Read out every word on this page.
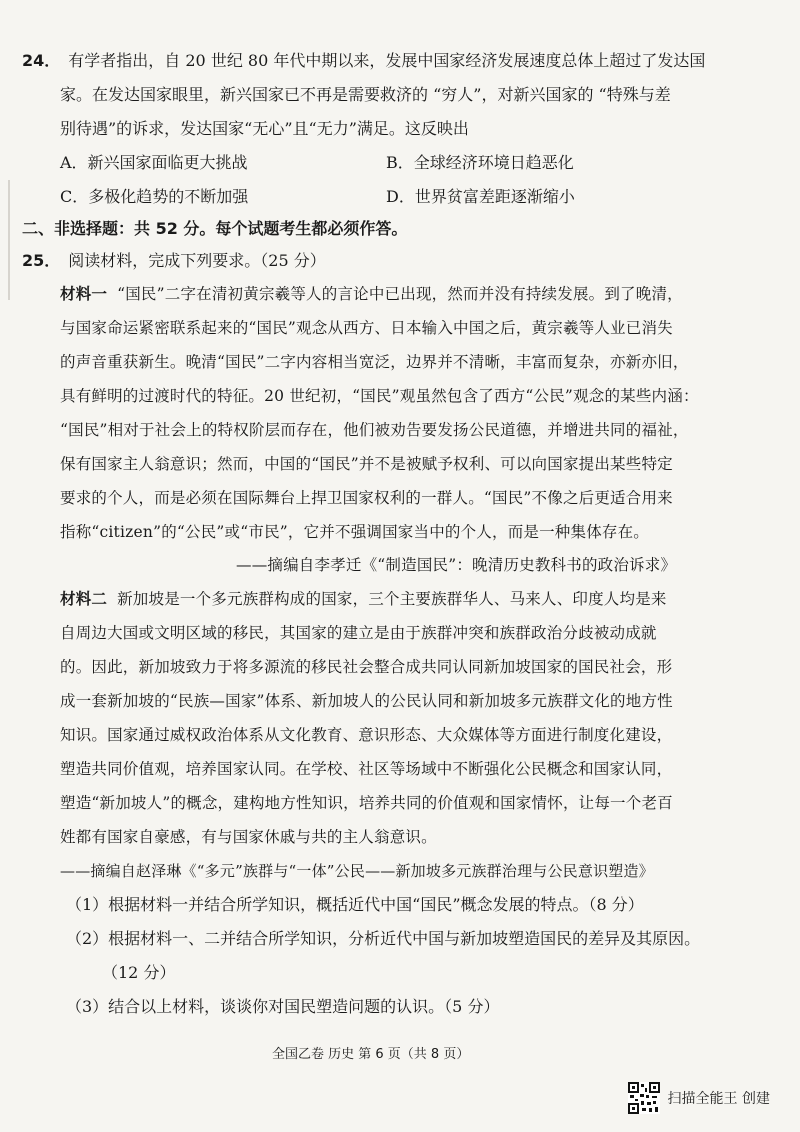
24． 有学者指出，自 20 世纪 80 年代中期以来，发展中国家经济发展速度总体上超过了发达国
家。在发达国家眼里，新兴国家已不再是需要救济的 “穷人”，对新兴国家的 “特殊与差
别待遇”的诉求，发达国家“无心”且“无力”满足。这反映出
A．新兴国家面临更大挑战	B．全球经济环境日趋恶化
C．多极化趋势的不断加强	D．世界贫富差距逐渐缩小
二、非选择题：共 52 分。每个试题考生都必须作答。
25． 阅读材料，完成下列要求。（25 分）
材料一 “国民”二字在清初黄宗羲等人的言论中已出现，然而并没有持续发展。到了晚清，
与国家命运紧密联系起来的“国民”观念从西方、日本输入中国之后，黄宗羲等人业已消失
的声音重获新生。晚清“国民”二字内容相当宽泛，边界并不清晰，丰富而复杂，亦新亦旧，
具有鲜明的过渡时代的特征。20 世纪初，“国民”观虽然包含了西方“公民”观念的某些内涵：
“国民”相对于社会上的特权阶层而存在，他们被劝告要发扬公民道德，并增进共同的福祉，
保有国家主人翁意识；然而，中国的“国民”并不是被赋予权利、可以向国家提出某些特定
要求的个人，而是必须在国际舞台上捍卫国家权利的一群人。“国民”不像之后更适合用来
指称“citizen”的“公民”或“市民”，它并不强调国家当中的个人，而是一种集体存在。
——摘编自李孝迁《“制造国民”：晚清历史教科书的政治诉求》
材料二 新加坡是一个多元族群构成的国家，三个主要族群华人、马来人、印度人均是来
自周边大国或文明区域的移民，其国家的建立是由于族群冲突和族群政治分歧被动成就
的。因此，新加坡致力于将多源流的移民社会整合成共同认同新加坡国家的国民社会，形
成一套新加坡的“民族—国家”体系、新加坡人的公民认同和新加坡多元族群文化的地方性
知识。国家通过威权政治体系从文化教育、意识形态、大众媒体等方面进行制度化建设，
塑造共同价值观，培养国家认同。在学校、社区等场域中不断强化公民概念和国家认同，
塑造“新加坡人”的概念，建构地方性知识，培养共同的价值观和国家情怀，让每一个老百
姓都有国家自豪感，有与国家休戚与共的主人翁意识。
——摘编自赵泽琳《“多元”族群与“一体”公民——新加坡多元族群治理与公民意识塑造》
（1）根据材料一并结合所学知识，概括近代中国“国民”概念发展的特点。（8 分）
（2）根据材料一、二并结合所学知识，分析近代中国与新加坡塑造国民的差异及其原因。
（12 分）
（3）结合以上材料，谈谈你对国民塑造问题的认识。（5 分）
全国乙卷 历史 第 6 页（共 8 页）
扫描全能王 创建
